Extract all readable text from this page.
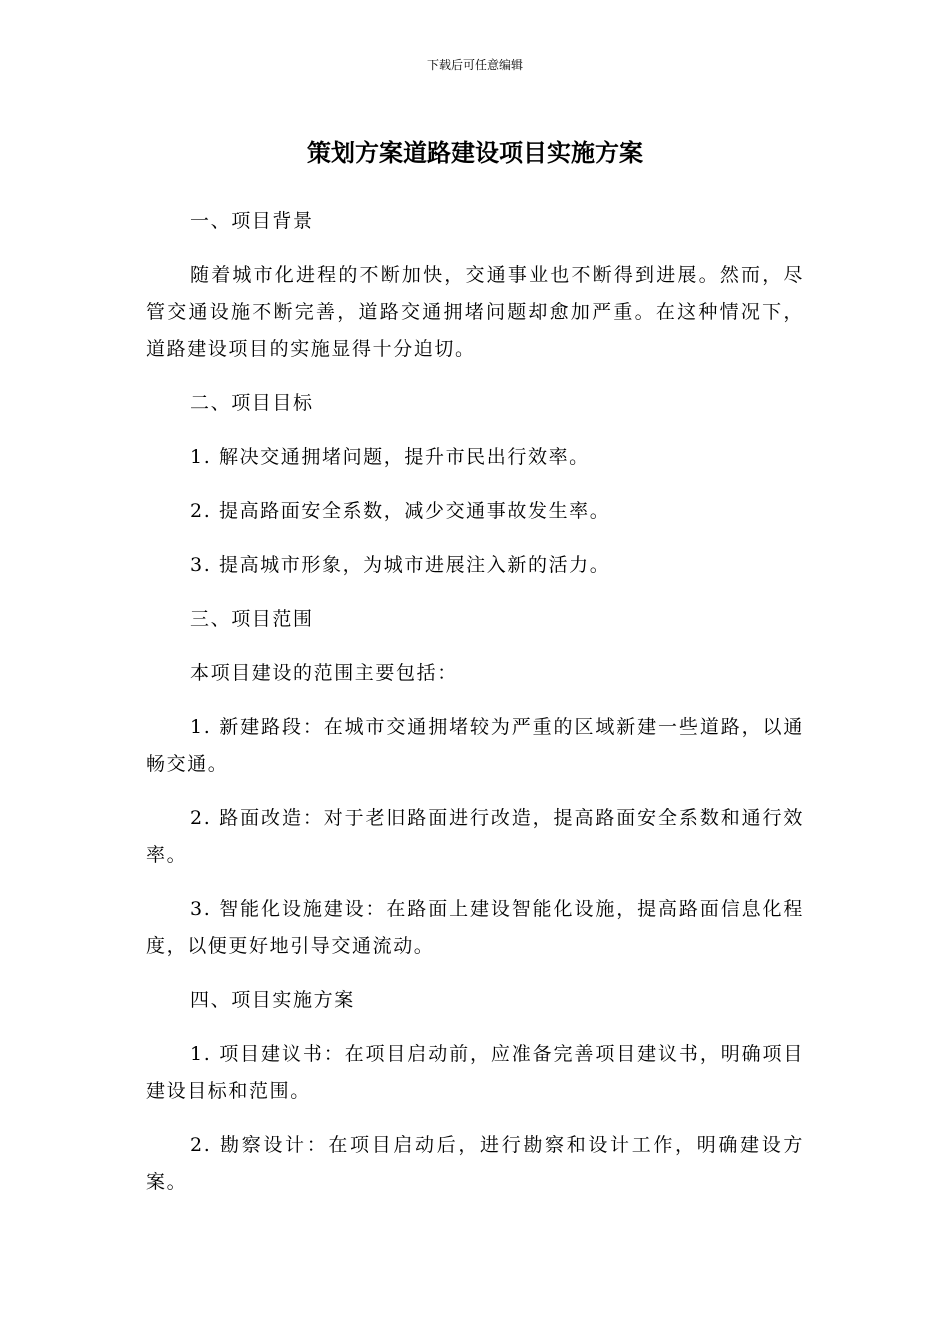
下载后可任意编辑
策划方案道路建设项目实施方案

一、项目背景

随着城市化进程的不断加快，交通事业也不断得到进展。然而，尽管交通设施不断完善，道路交通拥堵问题却愈加严重。在这种情况下，道路建设项目的实施显得十分迫切。

二、项目目标

1. 解决交通拥堵问题，提升市民出行效率。

2. 提高路面安全系数，减少交通事故发生率。

3. 提高城市形象，为城市进展注入新的活力。

三、项目范围

本项目建设的范围主要包括：

1. 新建路段：在城市交通拥堵较为严重的区域新建一些道路，以通畅交通。

2. 路面改造：对于老旧路面进行改造，提高路面安全系数和通行效率。

3. 智能化设施建设：在路面上建设智能化设施，提高路面信息化程度，以便更好地引导交通流动。

四、项目实施方案

1. 项目建议书：在项目启动前，应准备完善项目建议书，明确项目建设目标和范围。

2. 勘察设计：在项目启动后，进行勘察和设计工作，明确建设方案。
